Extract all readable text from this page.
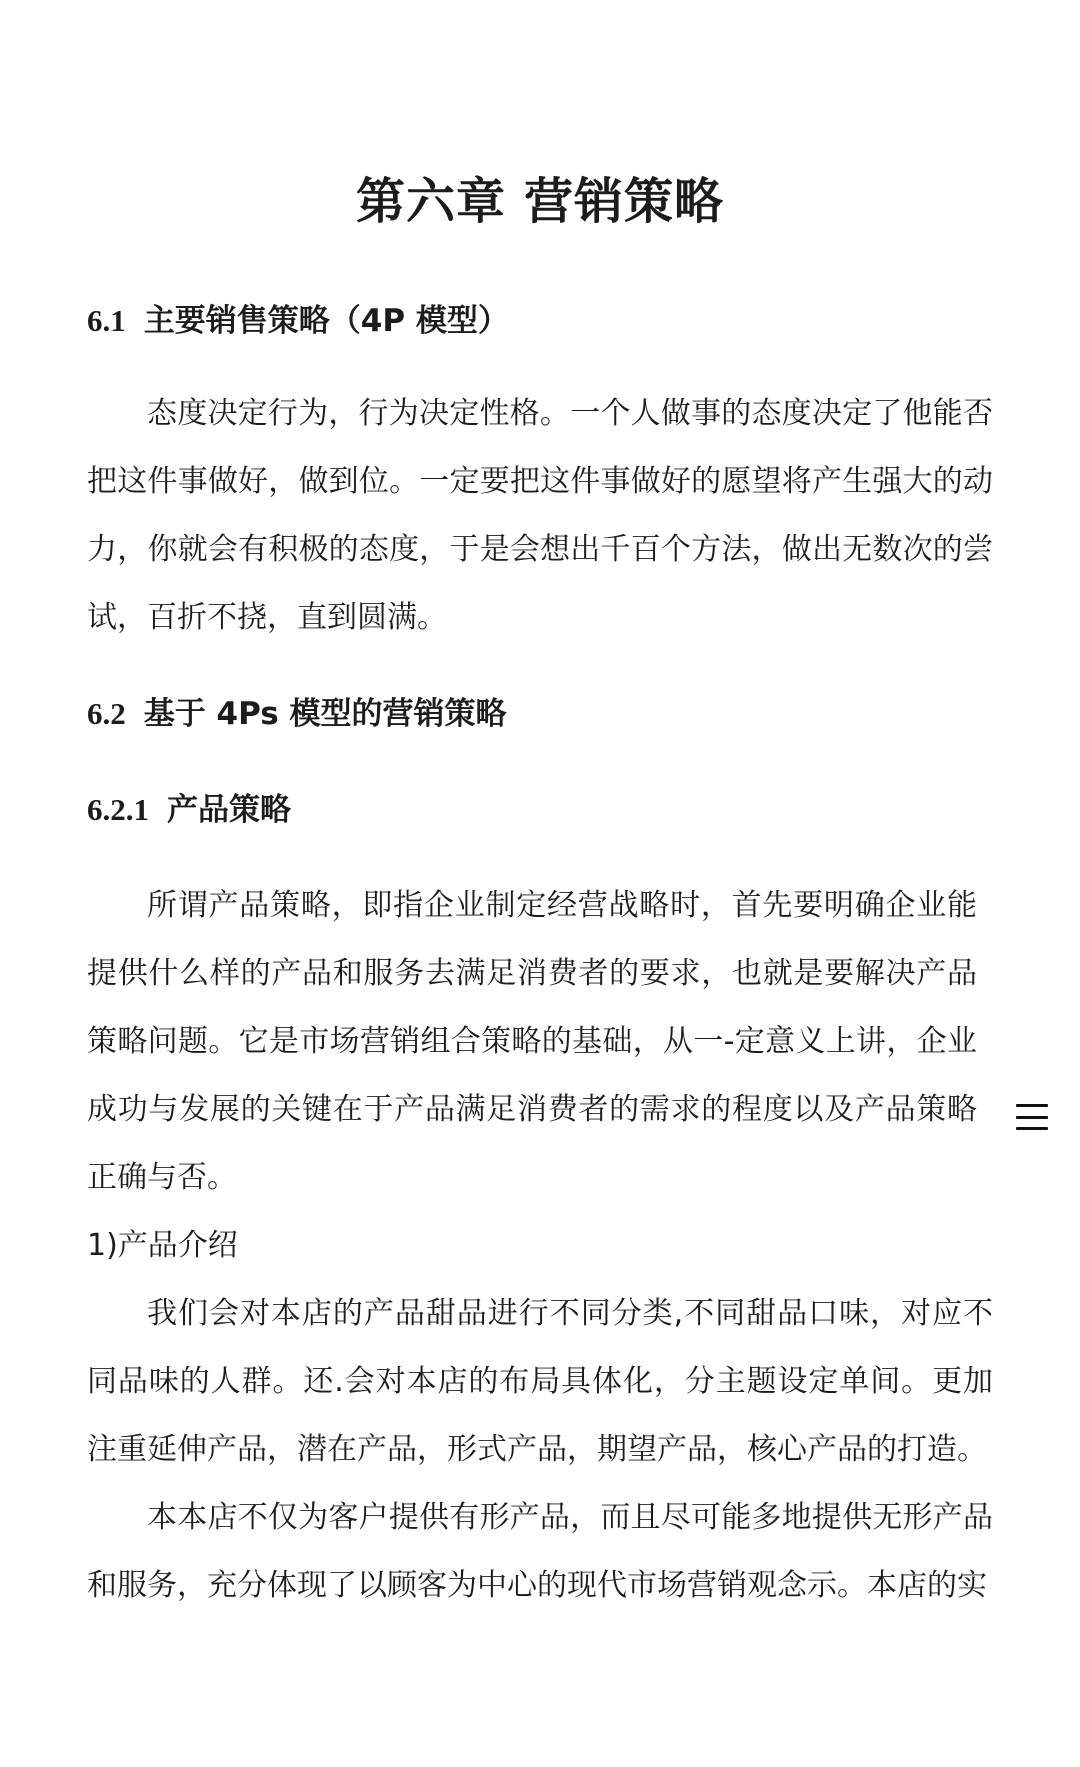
第六章 营销策略
6.1 主要销售策略（4P 模型）

态度决定行为，行为决定性格。一个人做事的态度决定了他能否把这件事做好，做到位。一定要把这件事做好的愿望将产生强大的动力，你就会有积极的态度，于是会想出千百个方法，做出无数次的尝试，百折不挠，直到圆满。

6.2 基于 4Ps 模型的营销策略
6.2.1 产品策略

所谓产品策略，即指企业制定经营战略时，首先要明确企业能提供什么样的产品和服务去满足消费者的要求，也就是要解决产品策略问题。它是市场营销组合策略的基础，从一-定意义上讲，企业成功与发展的关键在于产品满足消费者的需求的程度以及产品策略正确与否。

1)产品介绍

我们会对本店的产品甜品进行不同分类,不同甜品口味，对应不同品味的人群。还.会对本店的布局具体化，分主题设定单间。更加注重延伸产品，潜在产品，形式产品，期望产品，核心产品的打造。

本本店不仅为客户提供有形产品，而且尽可能多地提供无形产品和服务，充分体现了以顾客为中心的现代市场营销观念示。本店的实
